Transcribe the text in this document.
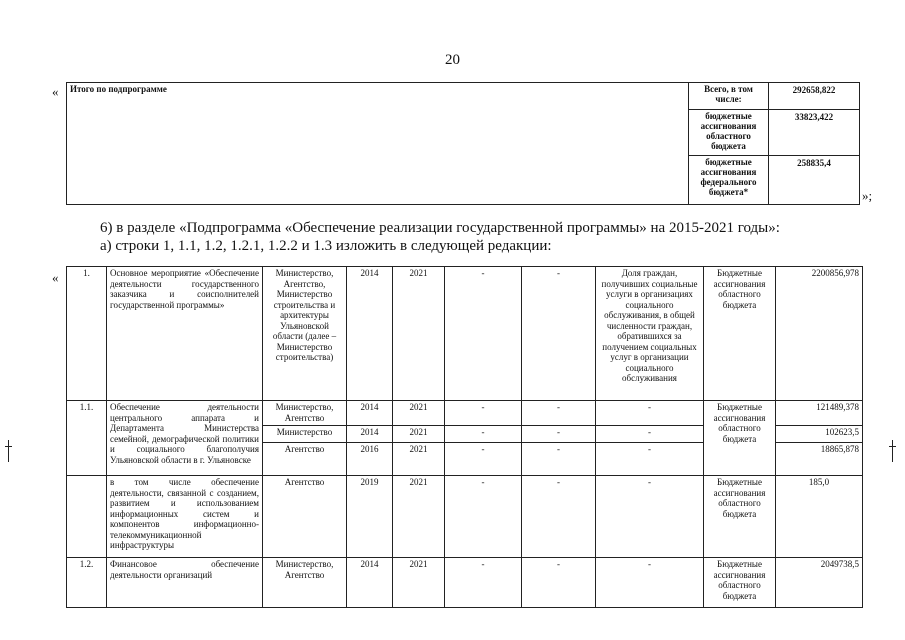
20
« Итого по подпрограмме	Всего, в том числе:	292658,822
	бюджетные ассигнования областного бюджета	33823,422
	бюджетные ассигнования федерального бюджета*	258835,4
»;
6) в разделе «Подпрограмма «Обеспечение реализации государственной программы» на 2015-2021 годы»:
а) строки 1, 1.1, 1.2, 1.2.1, 1.2.2 и 1.3 изложить в следующей редакции:
«	1.	Основное мероприятие «Обеспечение деятельности государственного заказчика и соисполнителей государственной программы»	Министерство, Агентство, Министерство строительства и архитектуры Ульяновской области (далее – Министерство строительства)	2014	2021	-	-	Доля граждан, получивших социальные услуги в организациях социального обслуживания, в общей численности граждан, обратившихся за получением социальных услуг в организации социального обслуживания	Бюджетные ассигнования областного бюджета	2200856,978
1.1.	Обеспечение деятельности центрального аппарата и Департамента Министерства семейной, демографической политики и социального благополучия Ульяновской области в г. Ульяновске	Министерство, Агентство	2014	2021	-	-	-	Бюджетные ассигнования областного бюджета	121489,378
		Министерство	2014	2021	-	-	-		102623,5
		Агентство	2016	2021	-	-	-		18865,878
	в том числе обеспечение деятельности, связанной с созданием, развитием и использованием информационных систем и компонентов информационно-телекоммуникационной инфраструктуры	Агентство	2019	2021	-	-	-	Бюджетные ассигнования областного бюджета	185,0
1.2.	Финансовое обеспечение деятельности организаций	Министерство, Агентство	2014	2021	-	-	-	Бюджетные ассигнования областного бюджета	2049738,5
